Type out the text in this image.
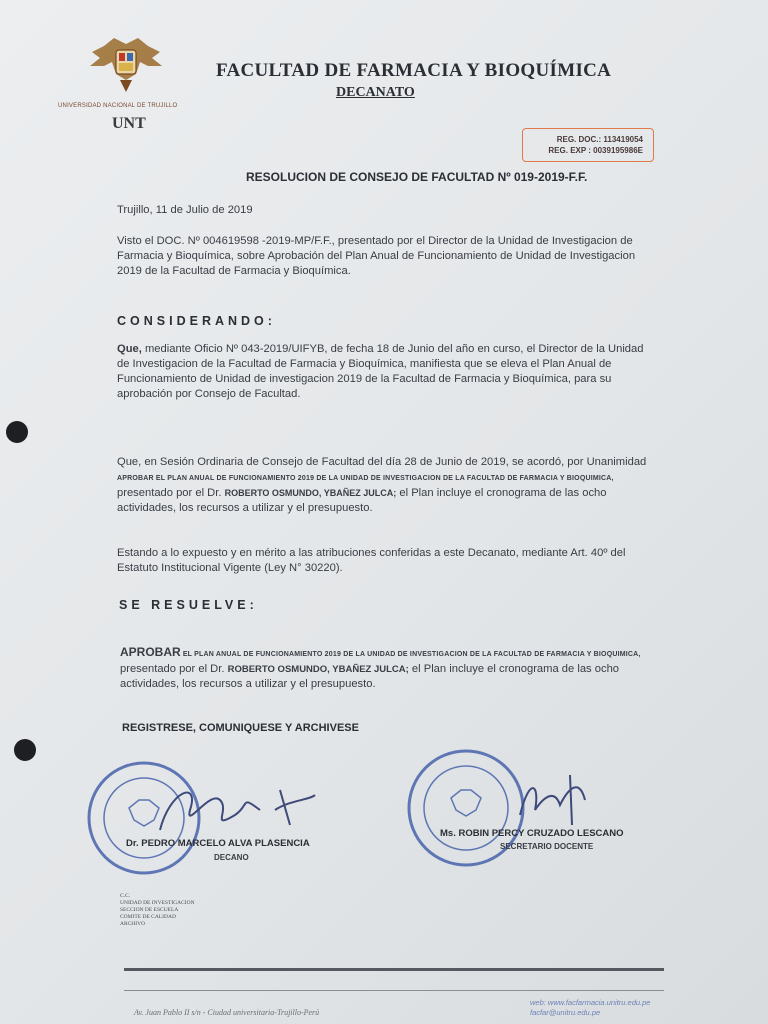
UNIVERSIDAD NACIONAL DE TRUJILLO
UNT
FACULTAD DE FARMACIA Y BIOQUÍMICA
DECANATO
REG. DOC.: 113419054
REG. EXP : 0039195986E
RESOLUCION DE CONSEJO DE FACULTAD Nº 019-2019-F.F.
Trujillo, 11 de Julio de 2019
Visto el DOC. Nº 004619598 -2019-MP/F.F., presentado por el Director de la Unidad de Investigacion de Farmacia y Bioquímica, sobre Aprobación del Plan Anual de Funcionamiento de Unidad de Investigacion 2019 de la Facultad de Farmacia y Bioquímica.
CONSIDERANDO:
Que, mediante Oficio Nº 043-2019/UIFYB, de fecha 18 de Junio del año en curso, el Director de la Unidad de Investigacion de la Facultad de Farmacia y Bioquímica, manifiesta que se eleva el Plan Anual de Funcionamiento de Unidad de investigacion 2019 de la Facultad de Farmacia y Bioquímica, para su aprobación por Consejo de Facultad.
Que, en Sesión Ordinaria de Consejo de Facultad del día 28 de Junio de 2019, se acordó, por Unanimidad APROBAR EL PLAN ANUAL DE FUNCIONAMIENTO 2019 DE LA UNIDAD DE INVESTIGACION DE LA FACULTAD DE FARMACIA Y BIOQUIMICA, presentado por el Dr. ROBERTO OSMUNDO, YBAÑEZ JULCA; el Plan incluye el cronograma de las ocho actividades, los recursos a utilizar y el presupuesto.
Estando a lo expuesto y en mérito a las atribuciones conferidas a este Decanato, mediante Art. 40º del Estatuto Institucional Vigente (Ley N° 30220).
SE RESUELVE:
APROBAR EL PLAN ANUAL DE FUNCIONAMIENTO 2019 DE LA UNIDAD DE INVESTIGACION DE LA FACULTAD DE FARMACIA Y BIOQUIMICA, presentado por el Dr. ROBERTO OSMUNDO, YBAÑEZ JULCA; el Plan incluye el cronograma de las ocho actividades, los recursos a utilizar y el presupuesto.
REGISTRESE, COMUNIQUESE Y ARCHIVESE
Dr. PEDRO MARCELO ALVA PLASENCIA
DECANO
Ms. ROBIN PERCY CRUZADO LESCANO
SECRETARIO DOCENTE
C.C.
UNIDAD DE INVESTIGACION
SECCION DE ESCUELA
COMITE DE CALIDAD
ARCHIVO
Av. Juan Pablo II s/n - Ciudad universitaria-Trujillo-Perú
web: www.facfarmacia.unitru.edu.pe
facfar@unitru.edu.pe
